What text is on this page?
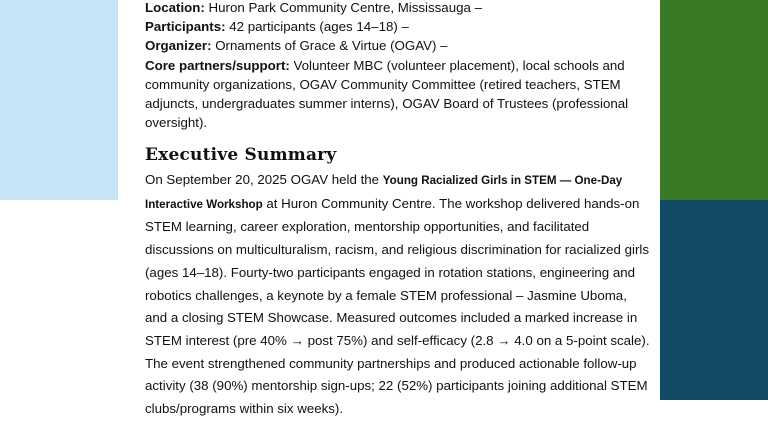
Location: Huron Park Community Centre, Mississauga –

Participants: 42 participants (ages 14–18) –

Organizer: Ornaments of Grace & Virtue (OGAV) –

Core partners/support: Volunteer MBC (volunteer placement), local schools and community organizations, OGAV Community Committee (retired teachers, STEM adjuncts, undergraduates summer interns), OGAV Board of Trustees (professional oversight).

Executive Summary

On September 20, 2025 OGAV held the Young Racialized Girls in STEM — One-Day Interactive Workshop at Huron Community Centre. The workshop delivered hands-on STEM learning, career exploration, mentorship opportunities, and facilitated discussions on multiculturalism, racism, and religious discrimination for racialized girls (ages 14–18). Fourty-two participants engaged in rotation stations, engineering and robotics challenges, a keynote by a female STEM professional – Jasmine Uboma, and a closing STEM Showcase. Measured outcomes included a marked increase in STEM interest (pre 40% → post 75%) and self-efficacy (2.8 → 4.0 on a 5-point scale). The event strengthened community partnerships and produced actionable follow-up activity (38 (90%) mentorship sign-ups; 22 (52%) participants joining additional STEM clubs/programs within six weeks).
